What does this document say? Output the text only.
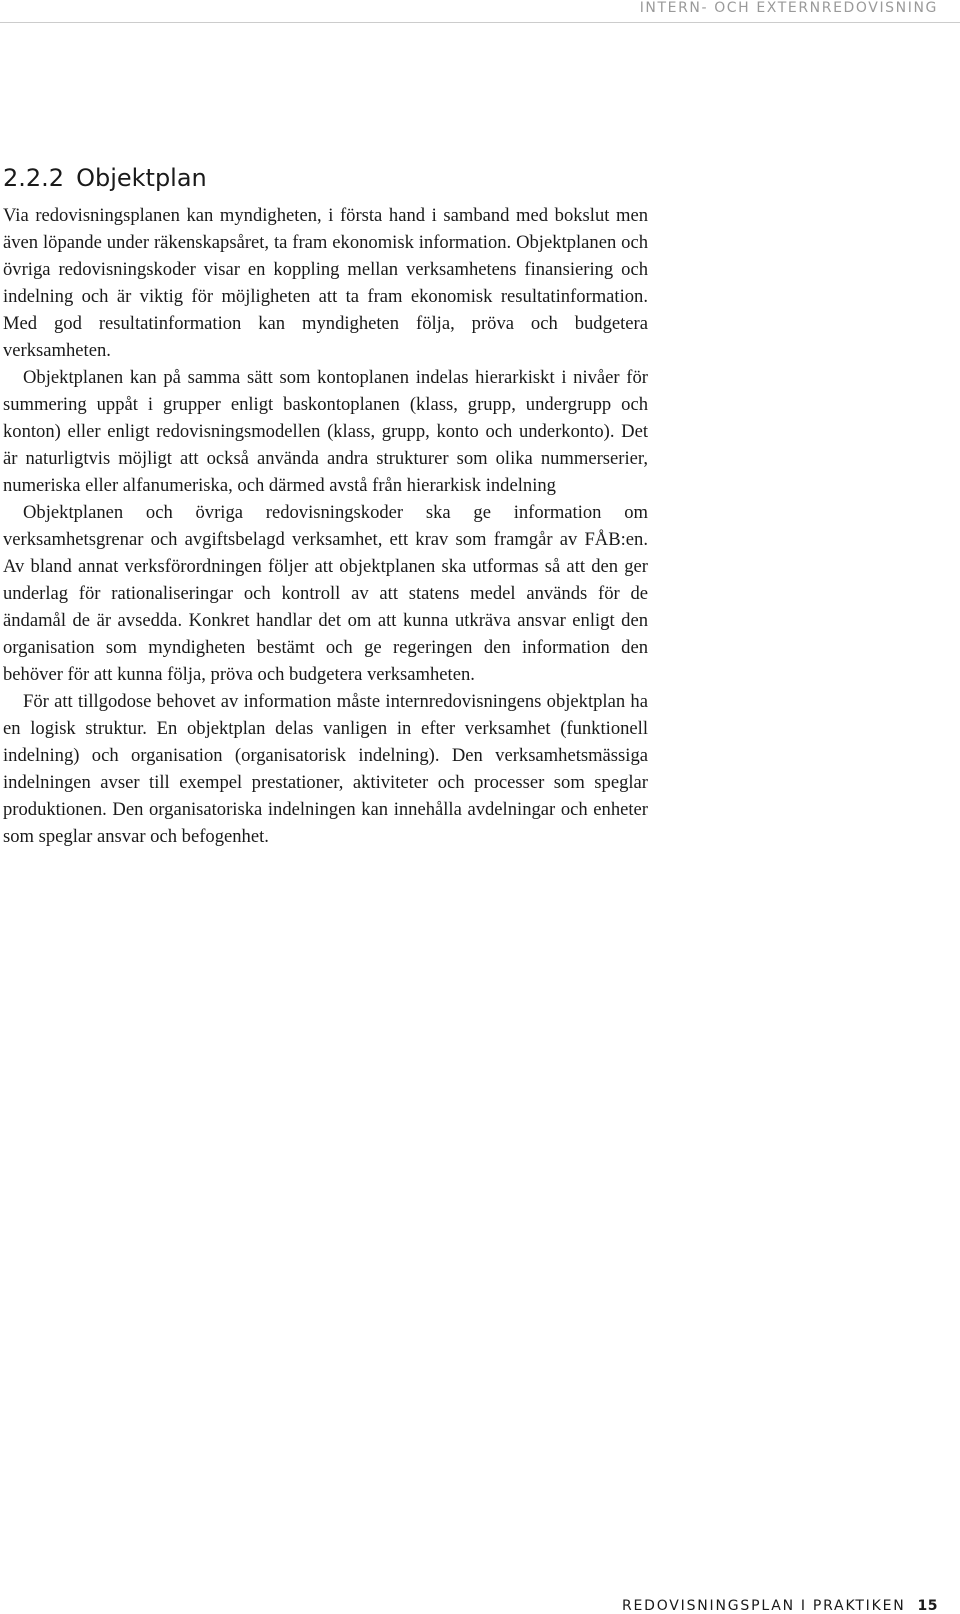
INTERN- OCH EXTERNREDOVISNING
2.2.2 Objektplan

Via redovisningsplanen kan myndigheten, i första hand i samband med bokslut men även löpande under räkenskapsåret, ta fram ekonomisk information. Objektplanen och övriga redovisningskoder visar en koppling mellan verksamhetens finansiering och indelning och är viktig för möjligheten att ta fram ekonomisk resultatinformation. Med god resultatinformation kan myndigheten följa, pröva och budgetera verksamheten.

Objektplanen kan på samma sätt som kontoplanen indelas hierarkiskt i nivåer för summering uppåt i grupper enligt baskontoplanen (klass, grupp, undergrupp och konton) eller enligt redovisningsmodellen (klass, grupp, konto och underkonto). Det är naturligtvis möjligt att också använda andra strukturer som olika nummerserier, numeriska eller alfanumeriska, och därmed avstå från hierarkisk indelning

Objektplanen och övriga redovisningskoder ska ge information om verksamhetsgrenar och avgiftsbelagd verksamhet, ett krav som framgår av FÅB:en. Av bland annat verksförordningen följer att objektplanen ska utformas så att den ger underlag för rationaliseringar och kontroll av att statens medel används för de ändamål de är avsedda. Konkret handlar det om att kunna utkräva ansvar enligt den organisation som myndigheten bestämt och ge regeringen den information den behöver för att kunna följa, pröva och budgetera verksamheten.

För att tillgodose behovet av information måste internredovisningens objektplan ha en logisk struktur. En objektplan delas vanligen in efter verksamhet (funktionell indelning) och organisation (organisatorisk indelning). Den verksamhetsmässiga indelningen avser till exempel prestationer, aktiviteter och processer som speglar produktionen. Den organisatoriska indelningen kan innehålla avdelningar och enheter som speglar ansvar och befogenhet.

REDOVISNINGSPLAN I PRAKTIKEN 15
